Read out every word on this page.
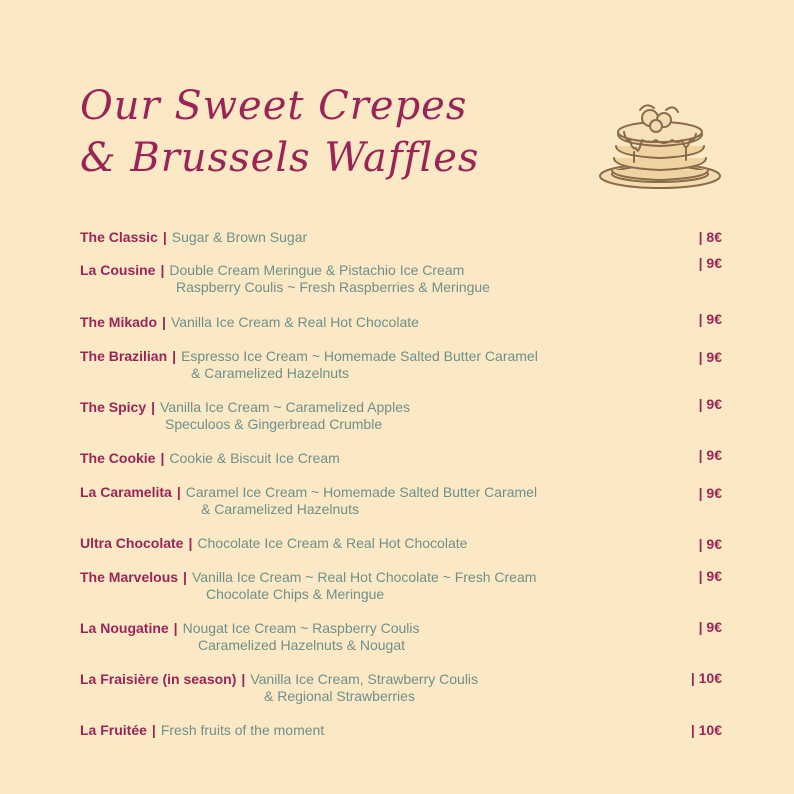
Our Sweet Crepes
& Brussels Waffles
The Classic | Sugar & Brown Sugar	| 8€
La Cousine | Double Cream Meringue & Pistachio Ice Cream
Raspberry Coulis ~ Fresh Raspberries & Meringue
| 9€
The Mikado | Vanilla Ice Cream & Real Hot Chocolate	| 9€
The Brazilian | Espresso Ice Cream ~ Homemade Salted Butter Caramel
& Caramelized Hazelnuts
| 9€
The Spicy | Vanilla Ice Cream ~ Caramelized Apples
Speculoos & Gingerbread Crumble
| 9€
The Cookie | Cookie & Biscuit Ice Cream	| 9€
La Caramelita | Caramel Ice Cream ~ Homemade Salted Butter Caramel
& Caramelized Hazelnuts
| 9€
Ultra Chocolate | Chocolate Ice Cream & Real Hot Chocolate	| 9€
The Marvelous | Vanilla Ice Cream ~ Real Hot Chocolate ~ Fresh Cream
Chocolate Chips & Meringue
| 9€
La Nougatine | Nougat Ice Cream ~ Raspberry Coulis
Caramelized Hazelnuts & Nougat
| 9€
La Fraisière (in season) | Vanilla Ice Cream, Strawberry Coulis
& Regional Strawberries
| 10€
La Fruitée | Fresh fruits of the moment	| 10€
